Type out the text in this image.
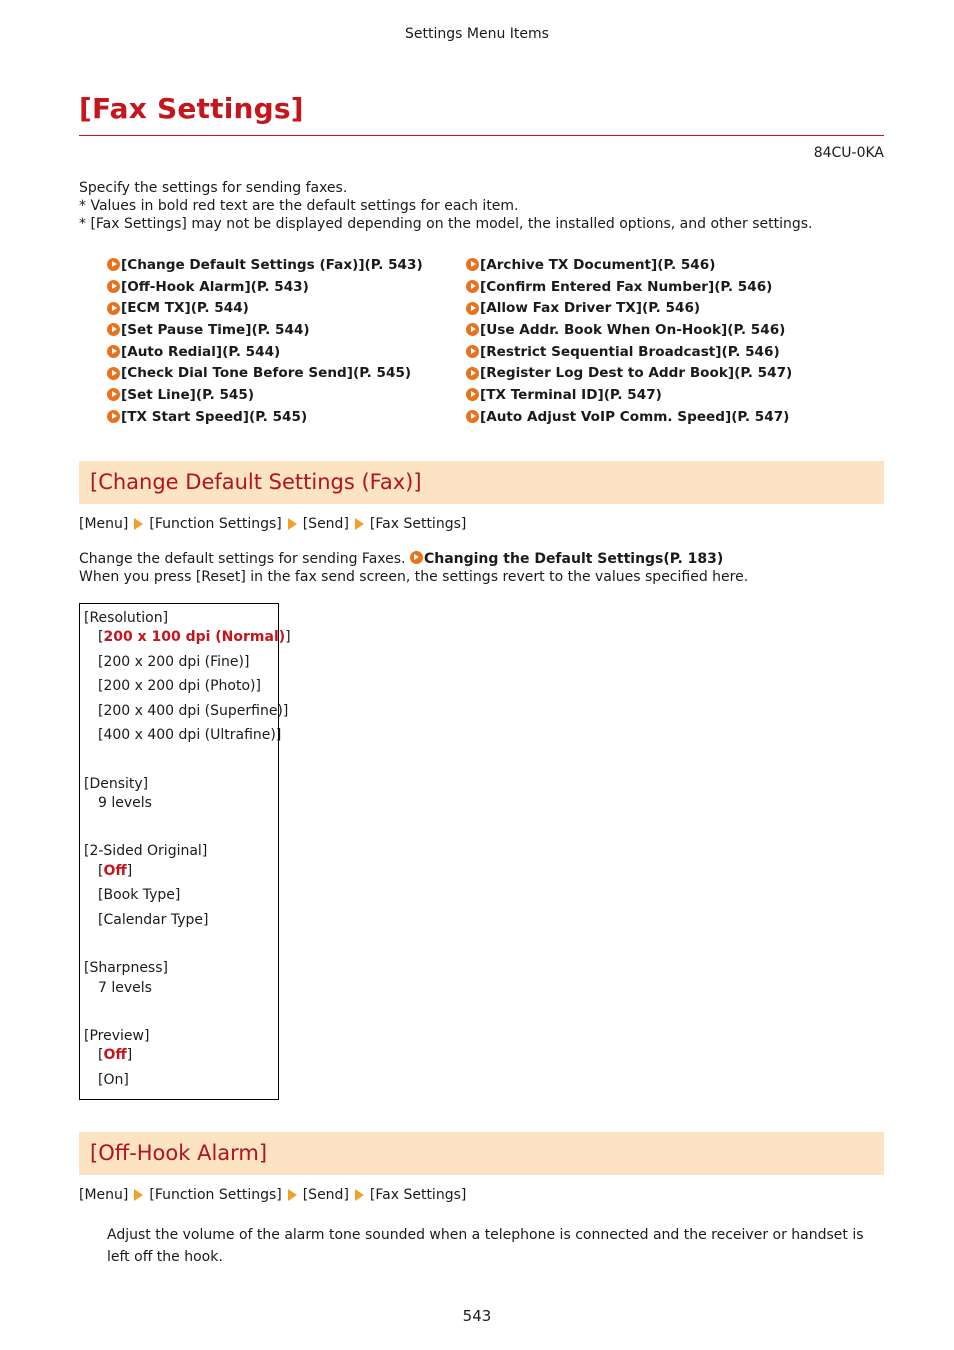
Settings Menu Items
[Fax Settings]
84CU-0KA
Specify the settings for sending faxes.
* Values in bold red text are the default settings for each item.
* [Fax Settings] may not be displayed depending on the model, the installed options, and other settings.
[Change Default Settings (Fax)](P. 543)
[Off-Hook Alarm](P. 543)
[ECM TX](P. 544)
[Set Pause Time](P. 544)
[Auto Redial](P. 544)
[Check Dial Tone Before Send](P. 545)
[Set Line](P. 545)
[TX Start Speed](P. 545)
[Archive TX Document](P. 546)
[Confirm Entered Fax Number](P. 546)
[Allow Fax Driver TX](P. 546)
[Use Addr. Book When On-Hook](P. 546)
[Restrict Sequential Broadcast](P. 546)
[Register Log Dest to Addr Book](P. 547)
[TX Terminal ID](P. 547)
[Auto Adjust VoIP Comm. Speed](P. 547)
[Change Default Settings (Fax)]
[Menu] [Function Settings] [Send] [Fax Settings]
Change the default settings for sending Faxes. Changing the Default Settings(P. 183)
When you press [Reset] in the fax send screen, the settings revert to the values specified here.
[Resolution]
[200 x 100 dpi (Normal)]
[200 x 200 dpi (Fine)]
[200 x 200 dpi (Photo)]
[200 x 400 dpi (Superfine)]
[400 x 400 dpi (Ultrafine)]
[Density]
9 levels
[2-Sided Original]
[Off]
[Book Type]
[Calendar Type]
[Sharpness]
7 levels
[Preview]
[Off]
[On]
[Off-Hook Alarm]
[Menu] [Function Settings] [Send] [Fax Settings]
Adjust the volume of the alarm tone sounded when a telephone is connected and the receiver or handset is left off the hook.
543
